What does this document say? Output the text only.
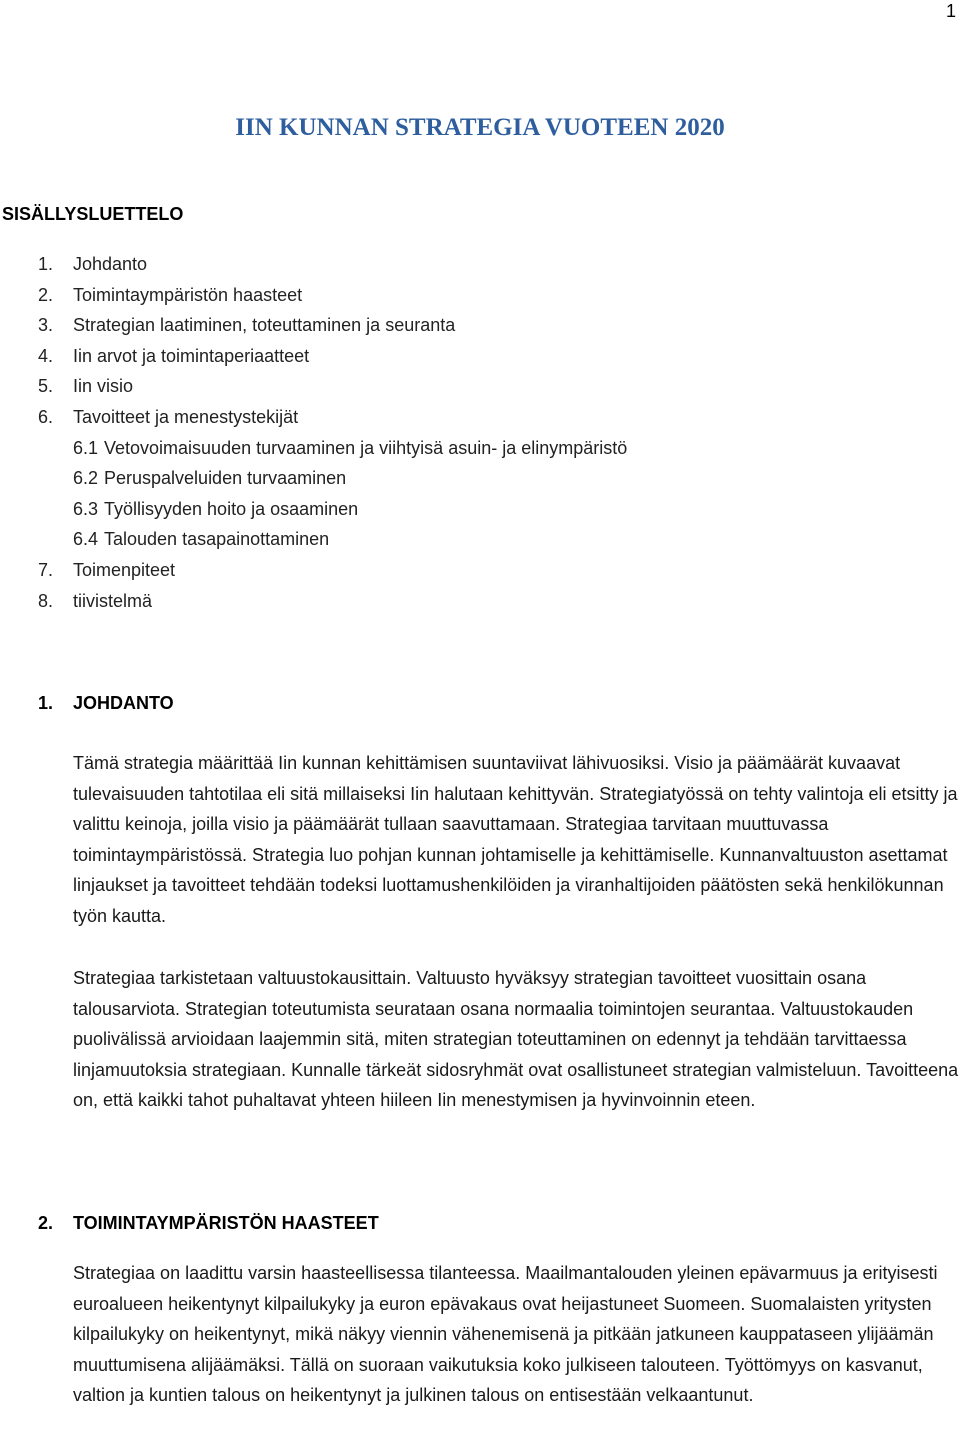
1
IIN KUNNAN STRATEGIA VUOTEEN 2020
SISÄLLYSLUETTELO
1. Johdanto
2. Toimintaympäristön haasteet
3. Strategian laatiminen, toteuttaminen ja seuranta
4. Iin arvot ja toimintaperiaatteet
5. Iin visio
6. Tavoitteet ja menestystekijät
6.1 Vetovoimaisuuden turvaaminen ja viihtyisä asuin- ja elinympäristö
6.2 Peruspalveluiden turvaaminen
6.3 Työllisyyden hoito ja osaaminen
6.4 Talouden tasapainottaminen
7. Toimenpiteet
8. tiivistelmä
1. JOHDANTO

Tämä strategia määrittää Iin kunnan kehittämisen suuntaviivat lähivuosiksi. Visio ja päämäärät kuvaavat tulevaisuuden tahtotilaa eli sitä millaiseksi Iin halutaan kehittyvän. Strategiatyössä on tehty valintoja eli etsitty ja valittu keinoja, joilla visio ja päämäärät tullaan saavuttamaan. Strategiaa tarvitaan muuttuvassa toimintaympäristössä. Strategia luo pohjan kunnan johtamiselle ja kehittämiselle. Kunnanvaltuuston asettamat linjaukset ja tavoitteet tehdään todeksi luottamushenkilöiden ja viranhaltijoiden päätösten sekä henkilökunnan työn kautta.

Strategiaa tarkistetaan valtuustokausittain. Valtuusto hyväksyy strategian tavoitteet vuosittain osana talousarviota. Strategian toteutumista seurataan osana normaalia toimintojen seurantaa. Valtuustokauden puolivälissä arvioidaan laajemmin sitä, miten strategian toteuttaminen on edennyt ja tehdään tarvittaessa linjamuutoksia strategiaan. Kunnalle tärkeät sidosryhmät ovat osallistuneet strategian valmisteluun. Tavoitteena on, että kaikki tahot puhaltavat yhteen hiileen Iin menestymisen ja hyvinvoinnin eteen.

2. TOIMINTAYMPÄRISTÖN HAASTEET

Strategiaa on laadittu varsin haasteellisessa tilanteessa. Maailmantalouden yleinen epävarmuus ja erityisesti euroalueen heikentynyt kilpailukyky ja euron epävakaus ovat heijastuneet Suomeen. Suomalaisten yritysten kilpailukyky on heikentynyt, mikä näkyy viennin vähenemisenä ja pitkään jatkuneen kauppataseen ylijäämän muuttumisena alijäämäksi. Tällä on suoraan vaikutuksia koko julkiseen talouteen. Työttömyys on kasvanut, valtion ja kuntien talous on heikentynyt ja julkinen talous on entisestään velkaantunut.
